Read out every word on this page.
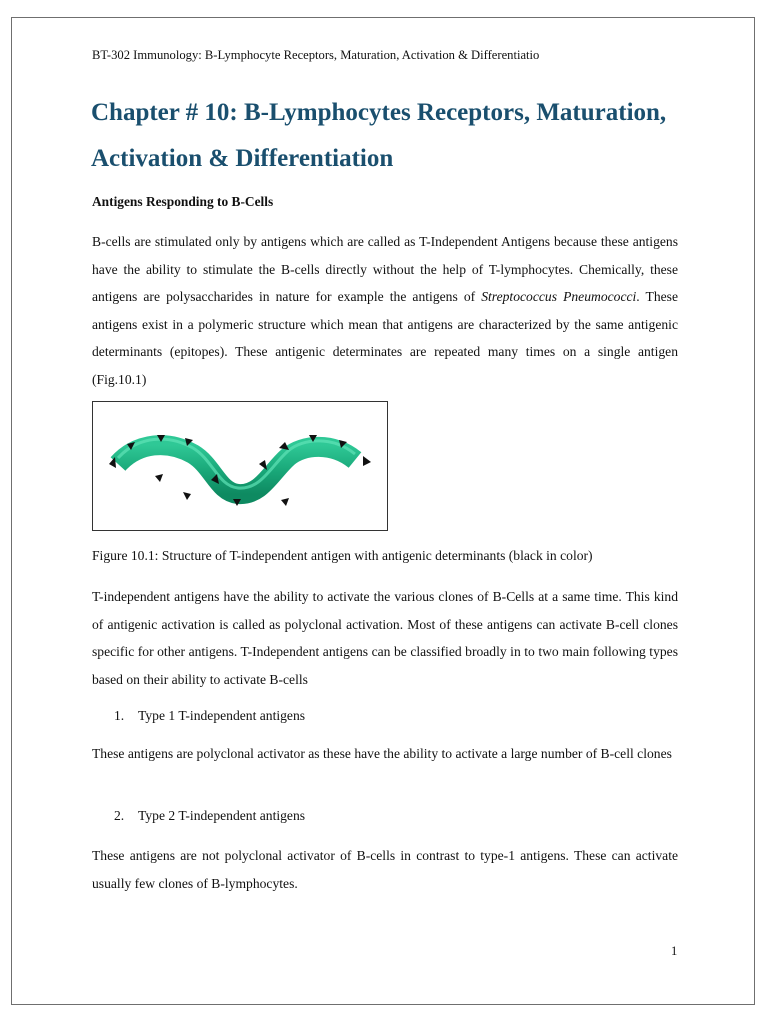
BT-302 Immunology: B-Lymphocyte Receptors, Maturation, Activation & Differentiatio
Chapter # 10: B-Lymphocytes Receptors, Maturation, Activation & Differentiation
Antigens Responding to B-Cells

B-cells are stimulated only by antigens which are called as T-Independent Antigens because these antigens have the ability to stimulate the B-cells directly without the help of T-lymphocytes. Chemically, these antigens are polysaccharides in nature for example the antigens of Streptococcus Pneumococci. These antigens exist in a polymeric structure which mean that antigens are characterized by the same antigenic determinants (epitopes). These antigenic determinates are repeated many times on a single antigen (Fig.10.1)

Figure 10.1: Structure of T-independent antigen with antigenic determinants (black in color)

T-independent antigens have the ability to activate the various clones of B-Cells at a same time. This kind of antigenic activation is called as polyclonal activation. Most of these antigens can activate B-cell clones specific for other antigens. T-Independent antigens can be classified broadly in to two main following types based on their ability to activate B-cells

1. Type 1 T-independent antigens

These antigens are polyclonal activator as these have the ability to activate a large number of B-cell clones

2. Type 2 T-independent antigens

These antigens are not polyclonal activator of B-cells in contrast to type-1 antigens. These can activate usually few clones of B-lymphocytes.

1
